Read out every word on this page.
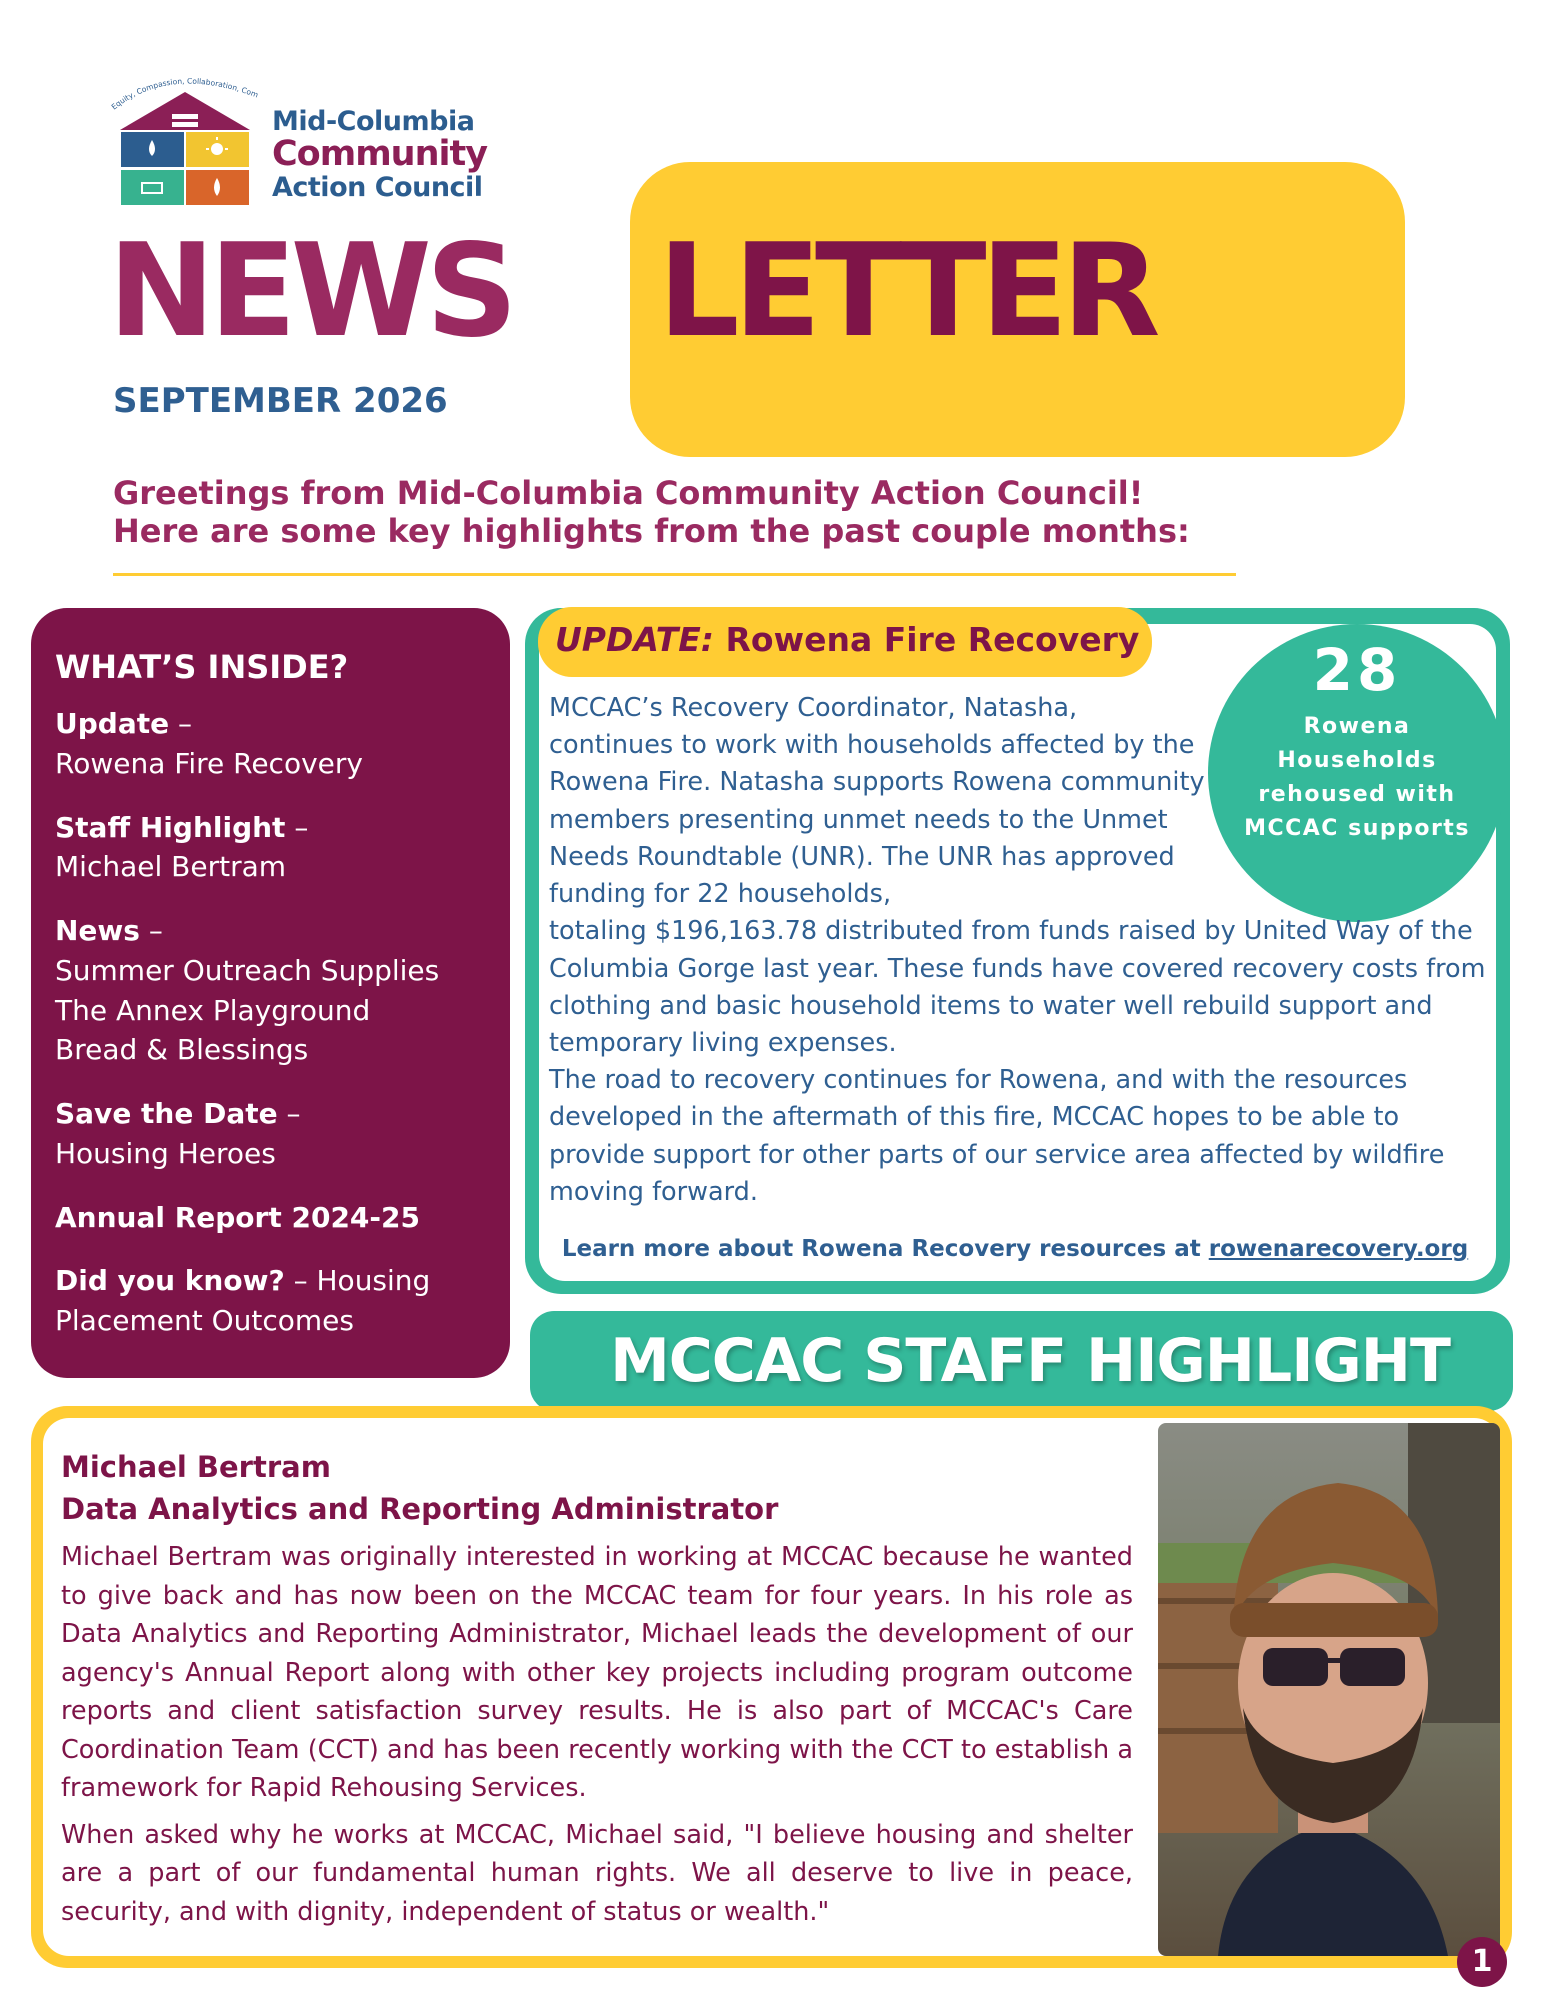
Equity, Compassion, Collaboration, Com
Mid-Columbia
Community
Action Council
NEWS LETTER
SEPTEMBER 2026
Greetings from Mid-Columbia Community Action Council!
Here are some key highlights from the past couple months:
WHAT’S INSIDE?
Update –
Rowena Fire Recovery
Staff Highlight –
Michael Bertram
News –
Summer Outreach Supplies
The Annex Playground
Bread & Blessings
Save the Date –
Housing Heroes
Annual Report 2024-25
Did you know? – Housing
Placement Outcomes
UPDATE: Rowena Fire Recovery	28
Rowena Households rehoused with MCCAC supports

MCCAC’s Recovery Coordinator, Natasha, continues to work with households affected by the Rowena Fire. Natasha supports Rowena community members presenting unmet needs to the Unmet Needs Roundtable (UNR). The UNR has approved funding for 22 households,

totaling $196,163.78 distributed from funds raised by United Way of the Columbia Gorge last year. These funds have covered recovery costs from clothing and basic household items to water well rebuild support and temporary living expenses.

The road to recovery continues for Rowena, and with the resources developed in the aftermath of this fire, MCCAC hopes to be able to provide support for other parts of our service area affected by wildfire moving forward.

Learn more about Rowena Recovery resources at rowenarecovery.org
MCCAC STAFF HIGHLIGHT
Michael Bertram
Data Analytics and Reporting Administrator

Michael Bertram was originally interested in working at MCCAC because he wanted to give back and has now been on the MCCAC team for four years. In his role as Data Analytics and Reporting Administrator, Michael leads the development of our agency's Annual Report along with other key projects including program outcome reports and client satisfaction survey results. He is also part of MCCAC's Care Coordination Team (CCT) and has been recently working with the CCT to establish a framework for Rapid Rehousing Services.

When asked why he works at MCCAC, Michael said, "I believe housing and shelter are a part of our fundamental human rights. We all deserve to live in peace, security, and with dignity, independent of status or wealth."

1
